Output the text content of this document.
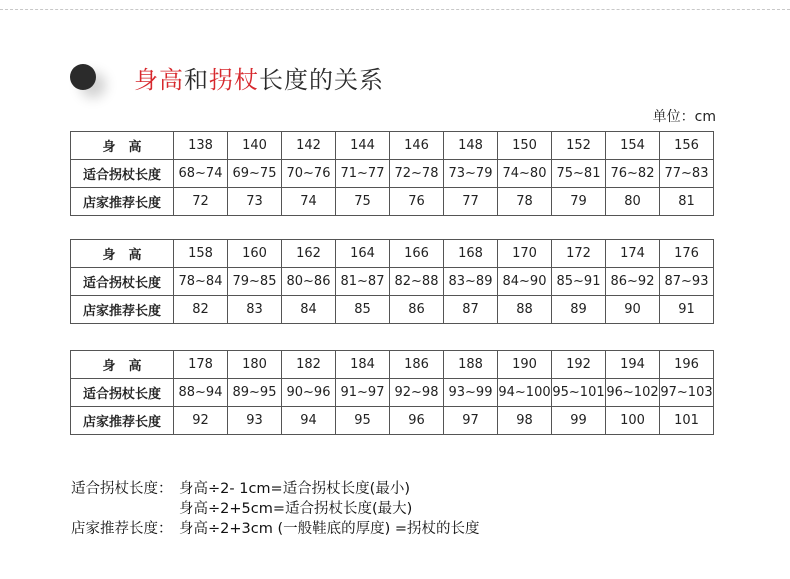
身高和拐杖长度的关系
单位：cm
身　高	138	140	142	144	146	148	150	152	154	156
适合拐杖长度	68~74	69~75	70~76	71~77	72~78	73~79	74~80	75~81	76~82	77~83
店家推荐长度	72	73	74	75	76	77	78	79	80	81
身　高	158	160	162	164	166	168	170	172	174	176
适合拐杖长度	78~84	79~85	80~86	81~87	82~88	83~89	84~90	85~91	86~92	87~93
店家推荐长度	82	83	84	85	86	87	88	89	90	91
身　高	178	180	182	184	186	188	190	192	194	196
适合拐杖长度	88~94	89~95	90~96	91~97	92~98	93~99	94~100	95~101	96~102	97~103
店家推荐长度	92	93	94	95	96	97	98	99	100	101
适合拐杖长度： 身高÷2- 1cm=适合拐杖长度(最小)
身高÷2+5cm=适合拐杖长度(最大)
店家推荐长度： 身高÷2+3cm (一般鞋底的厚度) =拐杖的长度
